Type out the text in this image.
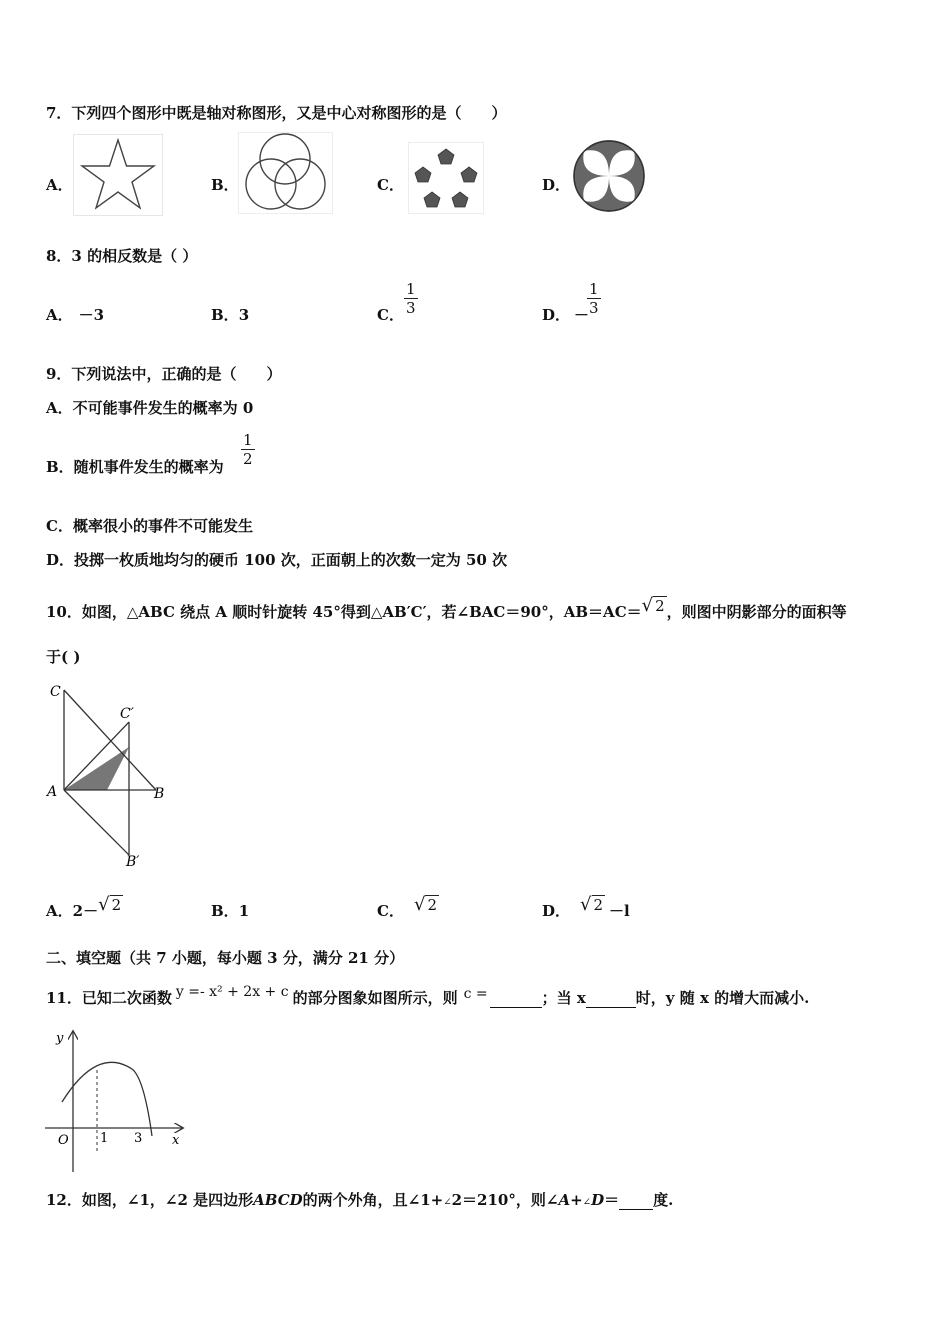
7．下列四个图形中既是轴对称图形，又是中心对称图形的是（　　）
A．	B．	C．	D．
8．3 的相反数是（ ）
A． －3	B．3	C． $\frac{1}{3}$	D． －
$\frac{1}{3}$
9．下列说法中，正确的是（　　）
A．不可能事件发生的概率为 0
B．随机事件发生的概率为 $\frac{1}{2}$
C．概率很小的事件不可能发生
D．投掷一枚质地均匀的硬币 100 次，正面朝上的次数一定为 50 次
10．如图，△ABC 绕点 A 顺时针旋转 45°得到△AB′C′，若∠BAC＝90°，AB＝AC＝√ 2 ，则图中阴影部分的面积等
于( )
C
C′
A	B
B′
A．2－√ 2	B．1	C． √ 2	D． √ 2 －l
二、填空题（共 7 小题，每小题 3 分，满分 21 分）
11．已知二次函数 y =- x² + 2x + c 的部分图象如图所示，则 c =	；当 x	时，y 随 x 的增大而减小.
y
x
O 1 3
12．如图，∠1，∠2 是四边形ABCD的两个外角，且∠1+∠2＝210°，则∠A+∠D＝ 度.
